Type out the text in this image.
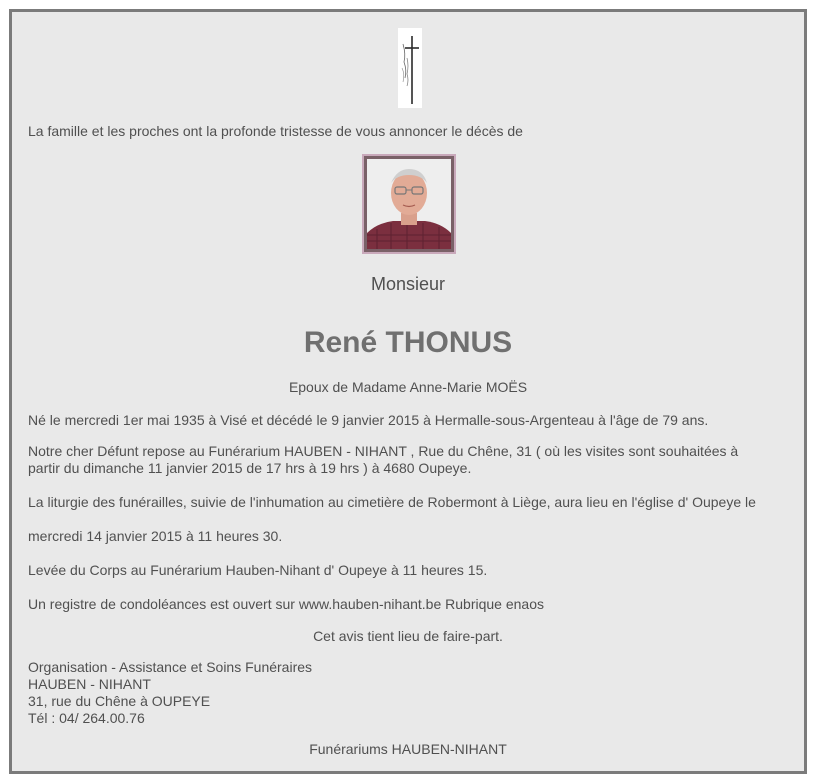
La famille et les proches ont la profonde tristesse de vous annoncer le décès de
Monsieur
René THONUS
Epoux de Madame Anne-Marie MOËS
Né le mercredi 1er mai 1935 à Visé et décédé le 9 janvier 2015 à Hermalle-sous-Argenteau à l'âge de 79 ans.
Notre cher Défunt repose au Funérarium HAUBEN - NIHANT , Rue du Chêne, 31 ( où les visites sont souhaitées à
partir du dimanche 11 janvier 2015 de 17 hrs à 19 hrs ) à 4680 Oupeye.
La liturgie des funérailles, suivie de l'inhumation au cimetière de Robermont à Liège, aura lieu en l'église d' Oupeye le
mercredi 14 janvier 2015 à 11 heures 30.
Levée du Corps au Funérarium Hauben-Nihant d' Oupeye à 11 heures 15.
Un registre de condoléances est ouvert sur www.hauben-nihant.be Rubrique enaos
Cet avis tient lieu de faire-part.
Organisation - Assistance et Soins Funéraires
HAUBEN - NIHANT
31, rue du Chêne à OUPEYE
Tél : 04/ 264.00.76
Funérariums HAUBEN-NIHANT
